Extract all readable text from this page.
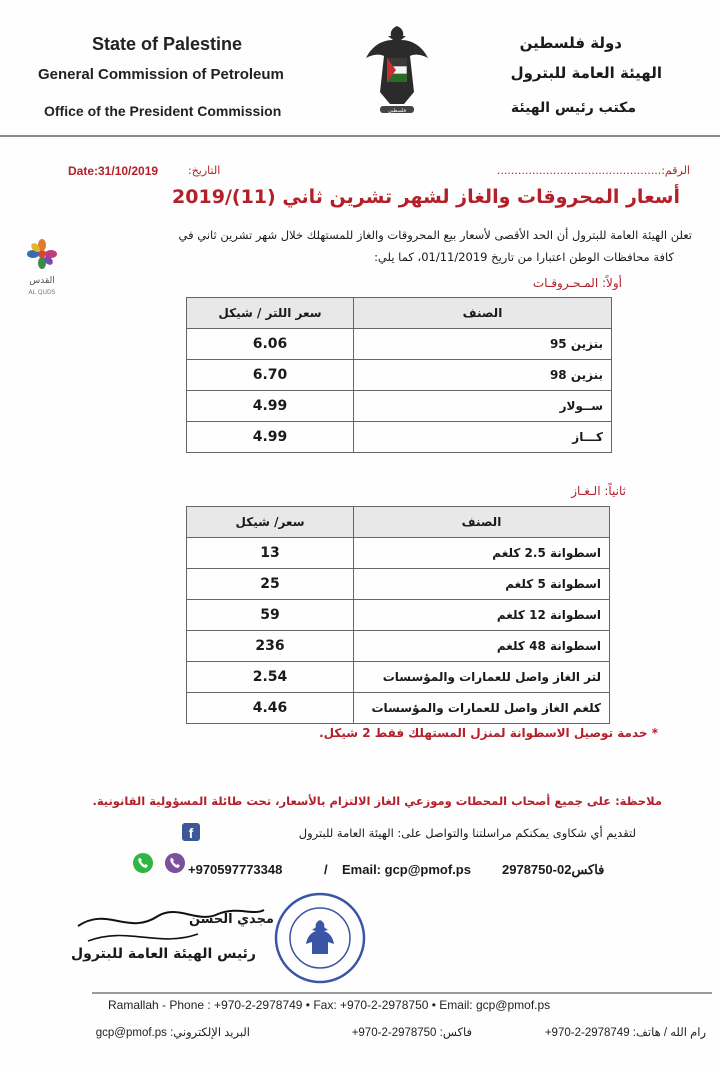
State of Palestine
General Commission of Petroleum
Office of the President Commission
دولة فلسطين
الهيئة العامة للبترول
مكتب رئيس الهيئة
فلسطين
الرقم:...............................................
Date:31/10/2019	التاريخ:
أسعار المحروقات والغاز لشهر تشرين ثاني (11)/2019
تعلن الهيئة العامة للبترول أن الحد الأقصى لأسعار بيع المحروقات والغاز للمستهلك خلال شهر تشرين ثاني في
كافة محافظات الوطن اعتبارا من تاريخ 01/11/2019، كما يلي:
القدس
AL QUDS
أولاً: المـحـروقـات
سعر اللتر / شيكل	الصنف
6.06	بنزين 95
6.70	بنزين 98
4.99	ســولار
4.99	كـــاز
ثانياً: الـغـاز
سعر/ شيكل	الصنف
13	اسطوانة 2.5 كلغم
25	اسطوانة 5 كلغم
59	اسطوانة 12 كلغم
236	اسطوانة 48 كلغم
2.54	لتر الغاز واصل للعمارات والمؤسسات
4.46	كلغم الغاز واصل للعمارات والمؤسسات
* خدمة توصيل الاسطوانة لمنزل المستهلك فقط 2 شيكل.
ملاحظة: على جميع أصحاب المحطات وموزعي الغاز الالتزام بالأسعار، تحت طائلة المسؤولية القانونية.
لتقديم أي شكاوى يمكنكم مراسلتنا والتواصل على: الهيئة العامة للبترول
f
+970597773348	/ Email: gcp@pmof.ps فاكس02-2978750
مجدي الحسن
رئيس الهيئة العامة للبترول
Ramallah - Phone : +970-2-2978749 • Fax: +970-2-2978750 • Email: gcp@pmof.ps
رام الله / هاتف: 2978749-2-970+
فاكس: 2978750-2-970+
البريد الإلكتروني: gcp@pmof.ps
